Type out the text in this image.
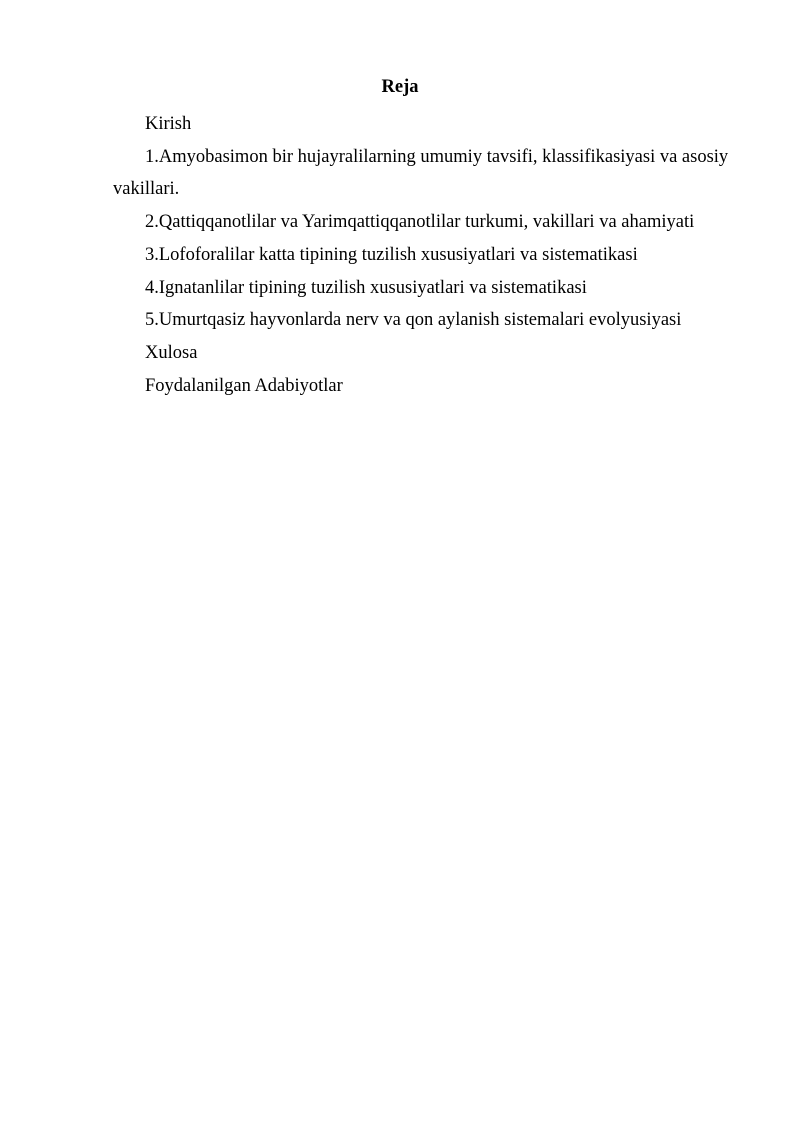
Reja
Kirish
1.Amyobasimon bir hujayralilarning umumiy tavsifi, klassifikasiyasi va asosiy vakillari.
2.Qattiqqanotlilar va Yarimqattiqqanotlilar turkumi, vakillari va ahamiyati
3.Lofoforalilar katta tipining tuzilish xususiyatlari va sistematikasi
4.Ignatanlilar tipining tuzilish xususiyatlari va sistematikasi
5.Umurtqasiz hayvonlarda nerv va qon aylanish sistemalari evolyusiyasi
Xulosa
Foydalanilgan Adabiyotlar
